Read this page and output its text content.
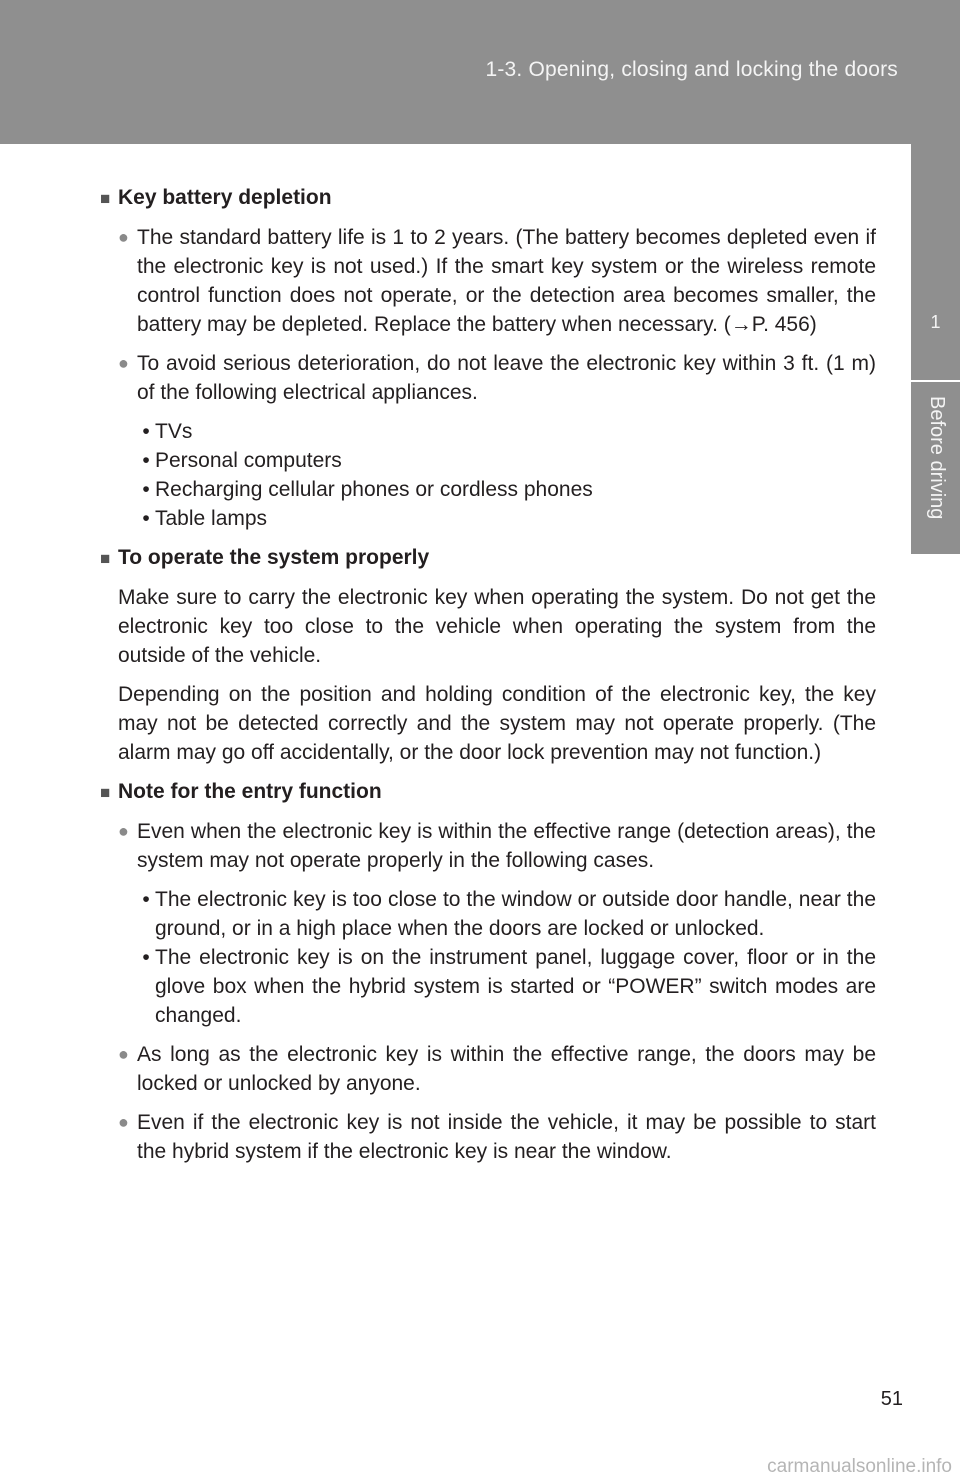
1-3. Opening, closing and locking the doors
1
Before driving
■ Key battery depletion
● The standard battery life is 1 to 2 years. (The battery becomes depleted even if the electronic key is not used.) If the smart key system or the wireless remote control function does not operate, or the detection area becomes smaller, the battery may be depleted. Replace the battery when necessary. (→P. 456)
● To avoid serious deterioration, do not leave the electronic key within 3 ft. (1 m) of the following electrical appliances.
• TVs
• Personal computers
• Recharging cellular phones or cordless phones
• Table lamps
■ To operate the system properly
Make sure to carry the electronic key when operating the system. Do not get the electronic key too close to the vehicle when operating the system from the outside of the vehicle.
Depending on the position and holding condition of the electronic key, the key may not be detected correctly and the system may not operate properly. (The alarm may go off accidentally, or the door lock prevention may not function.)
■ Note for the entry function
● Even when the electronic key is within the effective range (detection areas), the system may not operate properly in the following cases.
• The electronic key is too close to the window or outside door handle, near the ground, or in a high place when the doors are locked or unlocked.
• The electronic key is on the instrument panel, luggage cover, floor or in the glove box when the hybrid system is started or “POWER” switch modes are changed.
● As long as the electronic key is within the effective range, the doors may be locked or unlocked by anyone.
● Even if the electronic key is not inside the vehicle, it may be possible to start the hybrid system if the electronic key is near the window.
51
carmanualsonline.info
